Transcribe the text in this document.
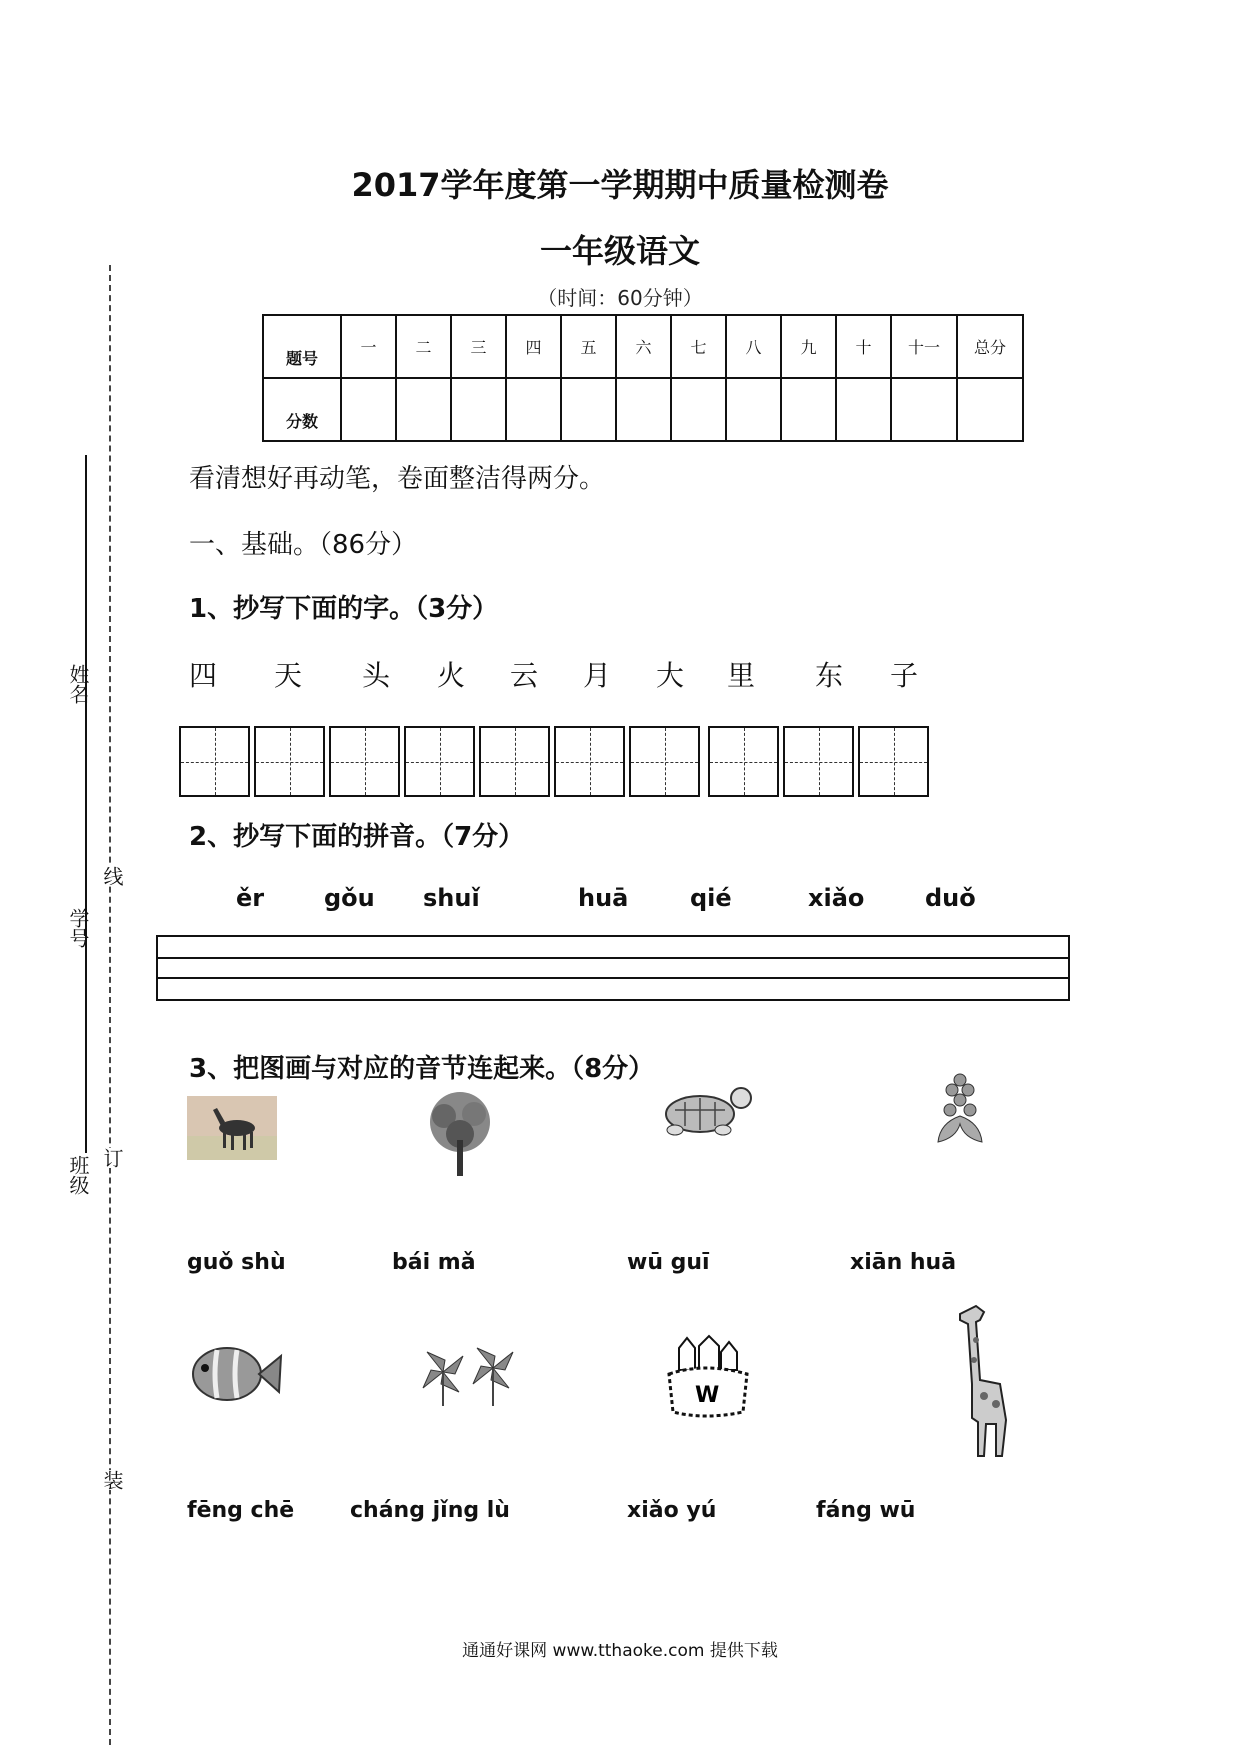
姓名
学号
班级
线
订
装
2017学年度第一学期期中质量检测卷
一年级语文
（时间：60分钟）
题号	一	二	三	四	五	六	七	八	九	十	十一	总分
分数												
看清想好再动笔，卷面整洁得两分。
一、基础。（86分）
1、抄写下面的字。（3分）
四 天 头 火 云 月 大 里 东 子
2、抄写下面的拼音。（7分）
ěr gǒu shuǐ	huā	qié	xiǎo	duǒ
3、把图画与对应的音节连起来。（8分）
guǒ shù	bái mǎ	wū guī	xiān huā
W
fēng chē	cháng jǐng lù	xiǎo yú	fáng wū
通通好课网 www.tthaoke.com 提供下载
